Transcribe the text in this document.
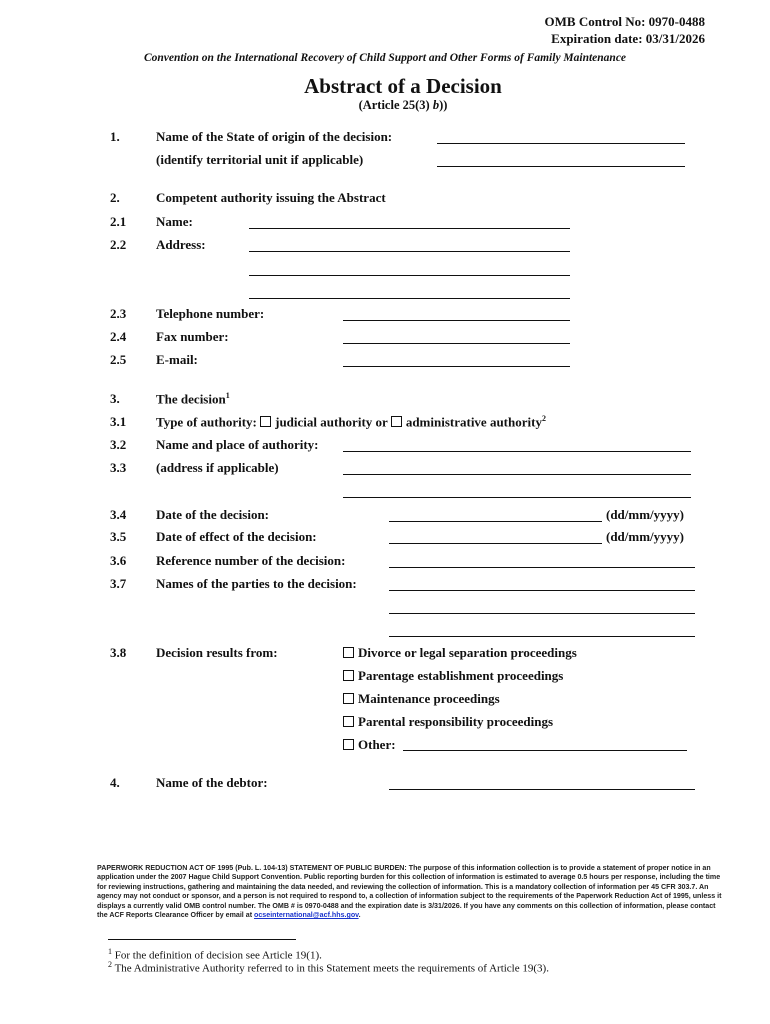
OMB Control No: 0970-0488
Expiration date: 03/31/2026
Convention on the International Recovery of Child Support and Other Forms of Family Maintenance
Abstract of a Decision
(Article 25(3) b))
1.	Name of the State of origin of the decision:
(identify territorial unit if applicable)
2.	Competent authority issuing the Abstract
2.1 Name:
2.2 Address:
2.3 Telephone number:
2.4 Fax number:
2.5 E-mail:
3.	The decision$^1$
3.1 Type of authority: judicial authority or administrative authority$^2$
3.2 Name and place of authority:
3.3 (address if applicable)
3.4 Date of the decision:	(dd/mm/yyyy)
3.5 Date of effect of the decision:	(dd/mm/yyyy)
3.6 Reference number of the decision:
3.7 Names of the parties to the decision:
3.8 Decision results from:	Divorce or legal separation proceedings
Parentage establishment proceedings
Maintenance proceedings
Parental responsibility proceedings
Other:
4.	Name of the debtor:
PAPERWORK REDUCTION ACT OF 1995 (Pub. L. 104-13) STATEMENT OF PUBLIC BURDEN: The purpose of this information collection is to provide a statement of proper notice in an application under the 2007 Hague Child Support Convention. Public reporting burden for this collection of information is estimated to average 0.5 hours per response, including the time for reviewing instructions, gathering and maintaining the data needed, and reviewing the collection of information. This is a mandatory collection of information per 45 CFR 303.7. An agency may not conduct or sponsor, and a person is not required to respond to, a collection of information subject to the requirements of the Paperwork Reduction Act of 1995, unless it displays a currently valid OMB control number. The OMB # is 0970-0488 and the expiration date is 3/31/2026. If you have any comments on this collection of information, please contact the ACF Reports Clearance Officer by email at ocseinternational@acf.hhs.gov.
$^1$ For the definition of decision see Article 19(1).
$^2$ The Administrative Authority referred to in this Statement meets the requirements of Article 19(3).
